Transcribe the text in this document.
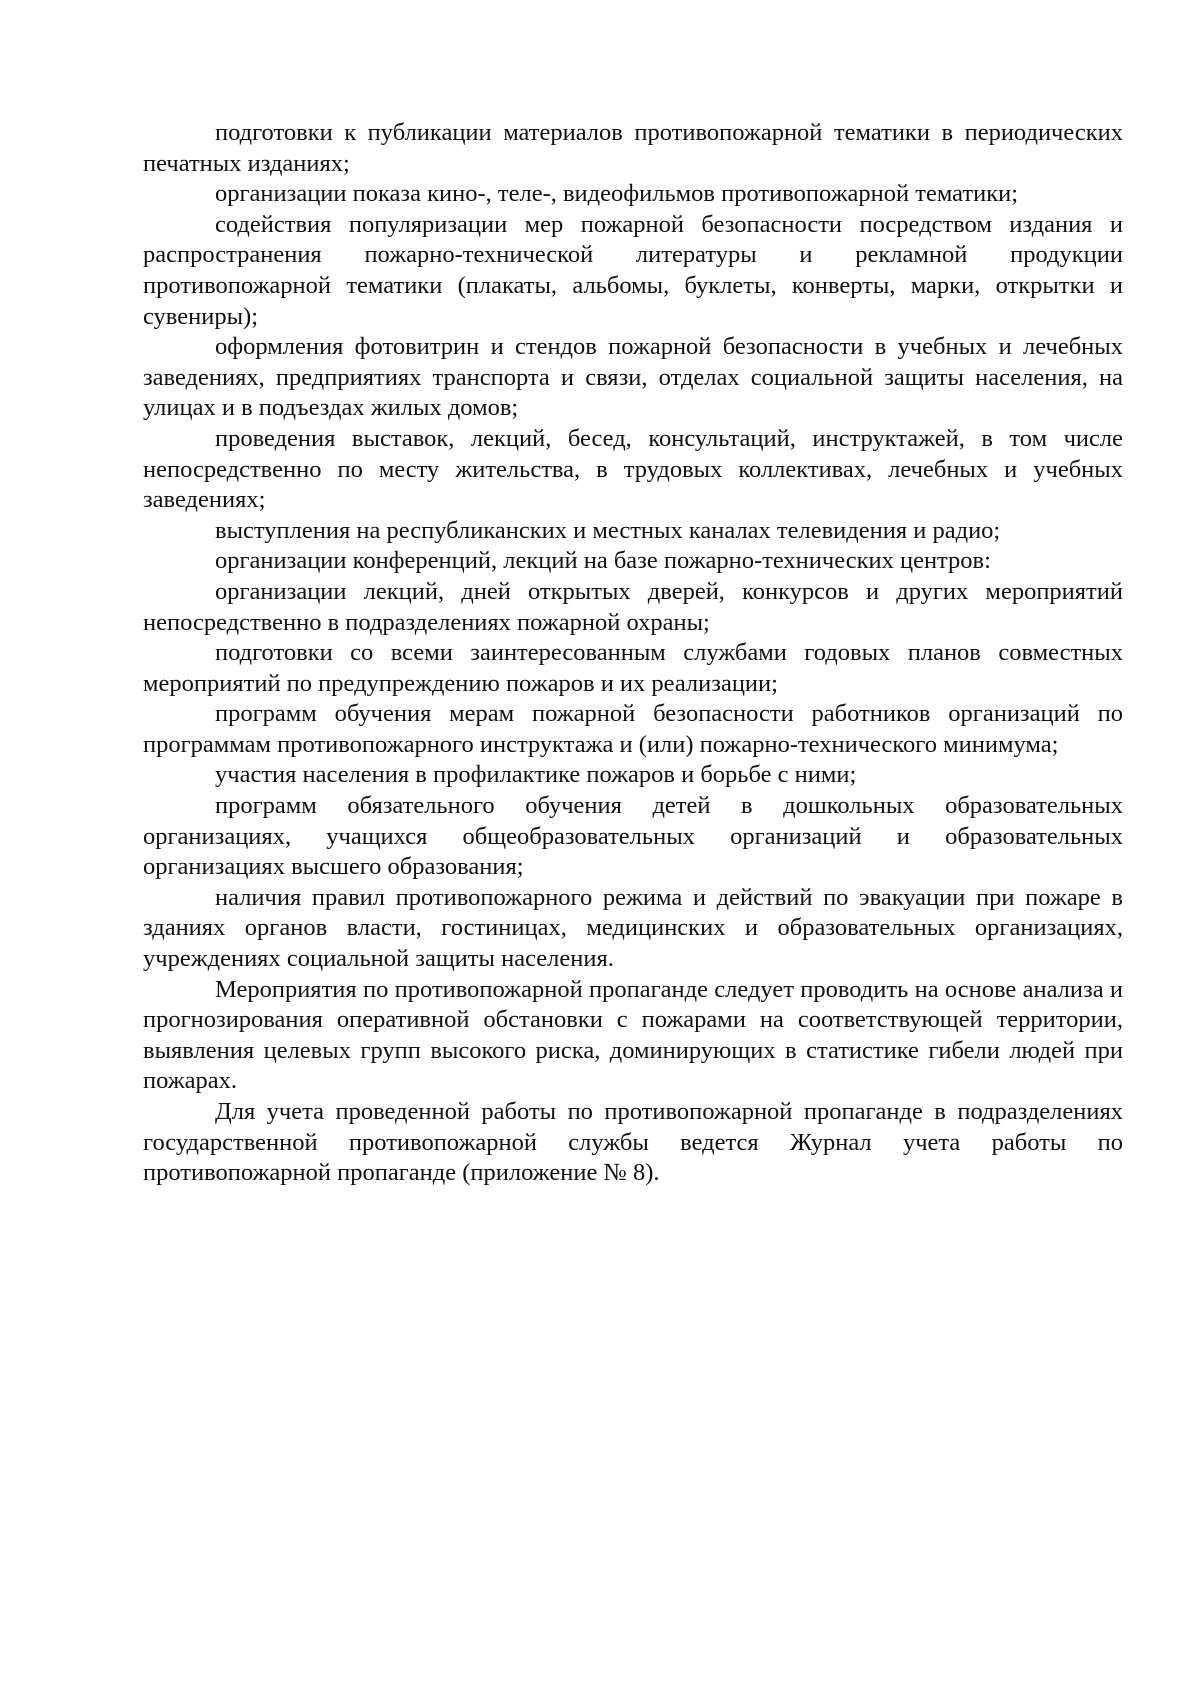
подготовки к публикации материалов противопожарной тематики в периодических печатных изданиях;

организации показа кино-, теле-, видеофильмов противопожарной тематики;

содействия популяризации мер пожарной безопасности посредством издания и распространения пожарно-технической литературы и рекламной продукции противопожарной тематики (плакаты, альбомы, буклеты, конверты, марки, открытки и сувениры);

оформления фотовитрин и стендов пожарной безопасности в учебных и лечебных заведениях, предприятиях транспорта и связи, отделах социальной защиты населения, на улицах и в подъездах жилых домов;

проведения выставок, лекций, бесед, консультаций, инструктажей, в том числе непосредственно по месту жительства, в трудовых коллективах, лечебных и учебных заведениях;

выступления на республиканских и местных каналах телевидения и радио;

организации конференций, лекций на базе пожарно-технических центров:

организации лекций, дней открытых дверей, конкурсов и других мероприятий непосредственно в подразделениях пожарной охраны;

подготовки со всеми заинтересованным службами годовых планов совместных мероприятий по предупреждению пожаров и их реализации;

программ обучения мерам пожарной безопасности работников организаций по программам противопожарного инструктажа и (или) пожарно-технического минимума;

участия населения в профилактике пожаров и борьбе с ними;

программ обязательного обучения детей в дошкольных образовательных организациях, учащихся общеобразовательных организаций и образовательных организациях высшего образования;

наличия правил противопожарного режима и действий по эвакуации при пожаре в зданиях органов власти, гостиницах, медицинских и образовательных организациях, учреждениях социальной защиты населения.

Мероприятия по противопожарной пропаганде следует проводить на основе анализа и прогнозирования оперативной обстановки с пожарами на соответствующей территории, выявления целевых групп высокого риска, доминирующих в статистике гибели людей при пожарах.

Для учета проведенной работы по противопожарной пропаганде в подразделениях государственной противопожарной службы ведется Журнал учета работы по противопожарной пропаганде (приложение № 8).
